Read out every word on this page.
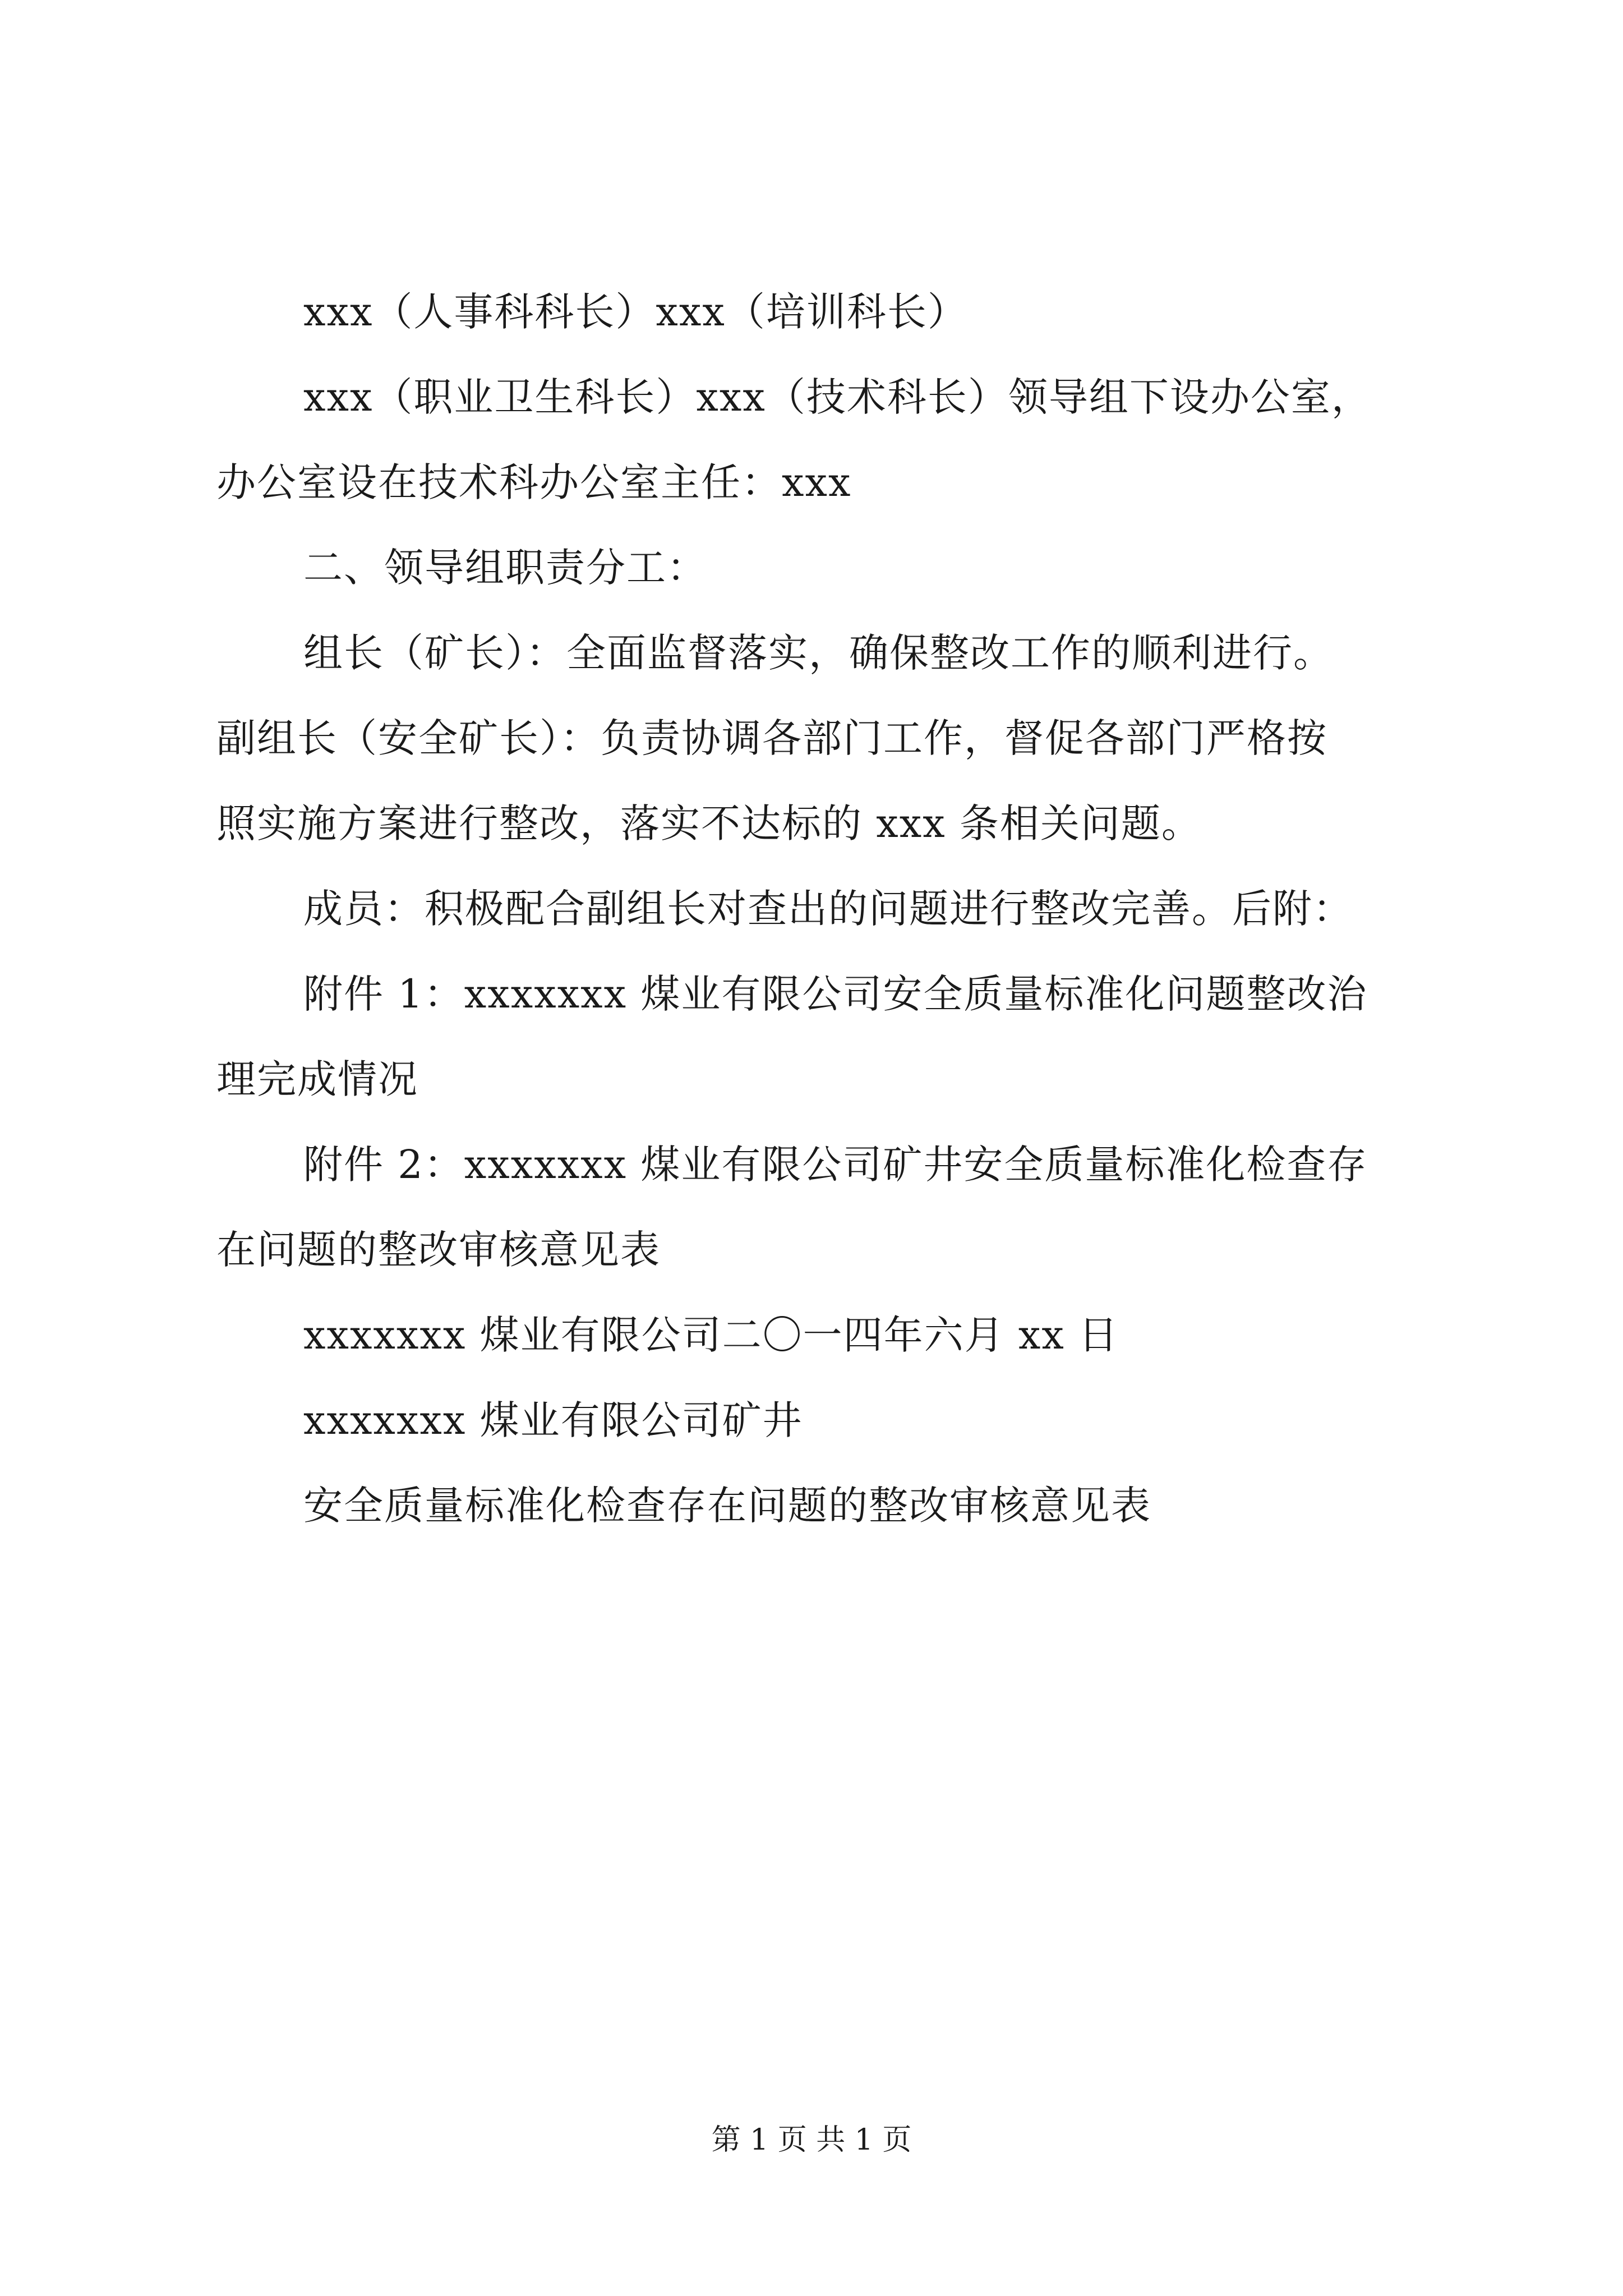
xxx（人事科科长）xxx（培训科长）
xxx（职业卫生科长）xxx（技术科长）领导组下设办公室，
办公室设在技术科办公室主任：xxx
二、领导组职责分工：
组长（矿长）：全面监督落实，确保整改工作的顺利进行。
副组长（安全矿长）：负责协调各部门工作，督促各部门严格按
照实施方案进行整改，落实不达标的 xxx 条相关问题。
成员：积极配合副组长对查出的问题进行整改完善。后附：
附件 1：xxxxxxx 煤业有限公司安全质量标准化问题整改治
理完成情况
附件 2：xxxxxxx 煤业有限公司矿井安全质量标准化检查存
在问题的整改审核意见表
xxxxxxx 煤业有限公司二〇一四年六月 xx 日
xxxxxxx 煤业有限公司矿井
安全质量标准化检查存在问题的整改审核意见表
第 1 页 共 1 页
